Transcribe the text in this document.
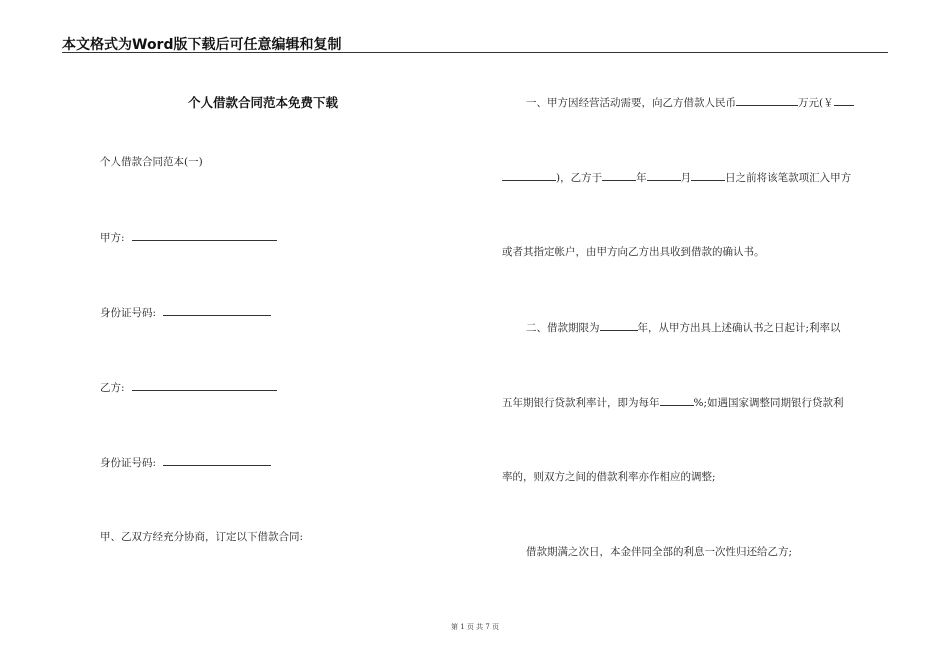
本文格式为Word版下载后可任意编辑和复制
个人借款合同范本免费下载
个人借款合同范本(一)
甲方:
身份证号码:
乙方:
身份证号码:
甲、乙双方经充分协商，订定以下借款合同:
一、甲方因经营活动需要，向乙方借款人民币	万元(￥
)，乙方于	年	月	日之前将该笔款项汇入甲方
或者其指定帐户，由甲方向乙方出具收到借款的确认书。
二、借款期限为	年，从甲方出具上述确认书之日起计;利率以
五年期银行贷款利率计，即为每年	%;如遇国家调整同期银行贷款利
率的，则双方之间的借款利率亦作相应的调整;
借款期满之次日，本金伴同全部的利息一次性归还给乙方;
第 1 页 共 7 页
